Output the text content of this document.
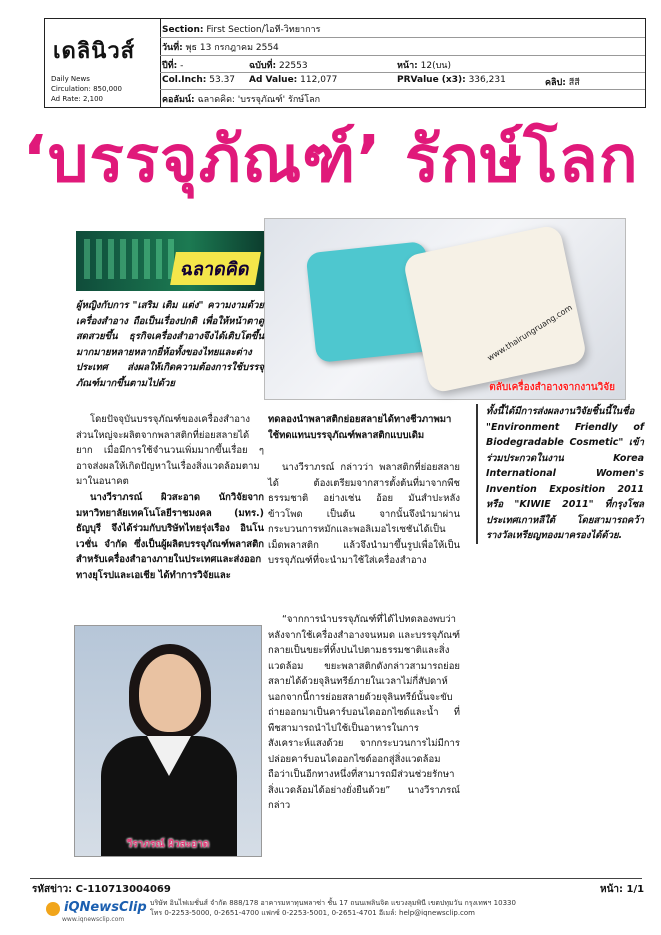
เดลินิวส์
Daily News
Circulation: 850,000
Ad Rate: 2,100
Section: First Section/ไอที-วิทยาการ
วันที่: พุธ 13 กรกฎาคม 2554
ปีที่: -	ฉบับที่: 22553	หน้า: 12(บน)
Col.Inch: 53.37 Ad Value: 112,077	PRValue (x3): 336,231	คลิป: สีสี
คอลัมน์: ฉลาดคิด: 'บรรจุภัณฑ์' รักษ์โลก
‘บรรจุภัณฑ์’ รักษ์โลก
ฉลาดคิด
www.thairungruang.com
ตลับเครื่องสำอางจากงานวิจัย
ผู้หญิงกับการ "เสริม เติม แต่ง" ความงามด้วยเครื่องสำอาง ถือเป็นเรื่องปกติ เพื่อให้หน้าตาดูสดสวยขึ้น ธุรกิจเครื่องสำอางจึงได้เติบโตขึ้นมากมายหลายหลากยี่ห้อทั้งของไทยและต่างประเทศ ส่งผลให้เกิดความต้องการใช้บรรจุภัณฑ์มากขึ้นตามไปด้วย
โดยปัจจุบันบรรจุภัณฑ์ของเครื่องสำอางส่วนใหญ่จะผลิตจากพลาสติกที่ย่อยสลายได้ยาก เมื่อมีการใช้จำนวนเพิ่มมากขึ้นเรื่อย ๆ อาจส่งผลให้เกิดปัญหาในเรื่องสิ่งแวดล้อมตามมาในอนาคต
นางวีราภรณ์ ผิวสะอาด นักวิจัยจากมหาวิทยาลัยเทคโนโลยีราชมงคล (มทร.) ธัญบุรี จึงได้ร่วมกับบริษัทไทยรุ่งเรือง อินโนเวชั่น จำกัด ซึ่งเป็นผู้ผลิตบรรจุภัณฑ์พลาสติกสำหรับเครื่องสำอางภายในประเทศและส่งออกทางยุโรปและเอเชีย ได้ทำการวิจัยและ
วีราภรณ์ ผิวสะอาด
ทดลองนำพลาสติกย่อยสลายได้ทางชีวภาพมาใช้ทดแทนบรรจุภัณฑ์พลาสติกแบบเดิม
นางวีราภรณ์ กล่าวว่า พลาสติกที่ย่อยสลายได้ ต้องเตรียมจากสารตั้งต้นที่มาจากพืชธรรมชาติ อย่างเช่น อ้อย มันสำปะหลัง ข้าวโพด เป็นต้น จากนั้นจึงนำมาผ่านกระบวนการหมักและพอลิเมอไรเซชันได้เป็นเม็ดพลาสติก แล้วจึงนำมาขึ้นรูปเพื่อให้เป็นบรรจุภัณฑ์ที่จะนำมาใช้ใส่เครื่องสำอาง
“จากการนำบรรจุภัณฑ์ที่ได้ไปทดลองพบว่า หลังจากใช้เครื่องสำอางจนหมด และบรรจุภัณฑ์กลายเป็นขยะที่ทิ้งปนไปตามธรรมชาติและสิ่งแวดล้อม ขยะพลาสติกดังกล่าวสามารถย่อยสลายได้ด้วยจุลินทรีย์ภายในเวลาไม่กี่สัปดาห์ นอกจากนี้การย่อยสลายด้วยจุลินทรีย์นั้นจะขับถ่ายออกมาเป็นคาร์บอนไดออกไซด์และน้ำ ที่พืชสามารถนำไปใช้เป็นอาหารในการสังเคราะห์แสงด้วย จากกระบวนการไม่มีการปล่อยคาร์บอนไดออกไซด์ออกสู่สิ่งแวดล้อม ถือว่าเป็นอีกทางหนึ่งที่สามารถมีส่วนช่วยรักษาสิ่งแวดล้อมได้อย่างยั่งยืนด้วย” นางวีราภรณ์ กล่าว
ทั้งนี้ได้มีการส่งผลงานวิจัยชิ้นนี้ในชื่อ "Environment Friendly of Biodegradable Cosmetic" เข้าร่วมประกวดในงาน Korea International Women's Invention Exposition 2011 หรือ "KIWIE 2011" ที่กรุงโซล ประเทศเกาหลีใต้ โดยสามารถคว้ารางวัลเหรียญทองมาครองได้ด้วย.
รหัสข่าว: C-110713004069	หน้า: 1/1
iQNewsClip
www.iqnewsclip.com
บริษัท อินไฟเมชั่นส์ จำกัด 888/178 อาคารมหาทุนพลาซ่า ชั้น 17 ถนนเพลินจิต แขวงลุมพินี เขตปทุมวัน กรุงเทพฯ 10330
โทร 0-2253-5000, 0-2651-4700 แฟกซ์ 0-2253-5001, 0-2651-4701 อีเมล์: help@iqnewsclip.com
